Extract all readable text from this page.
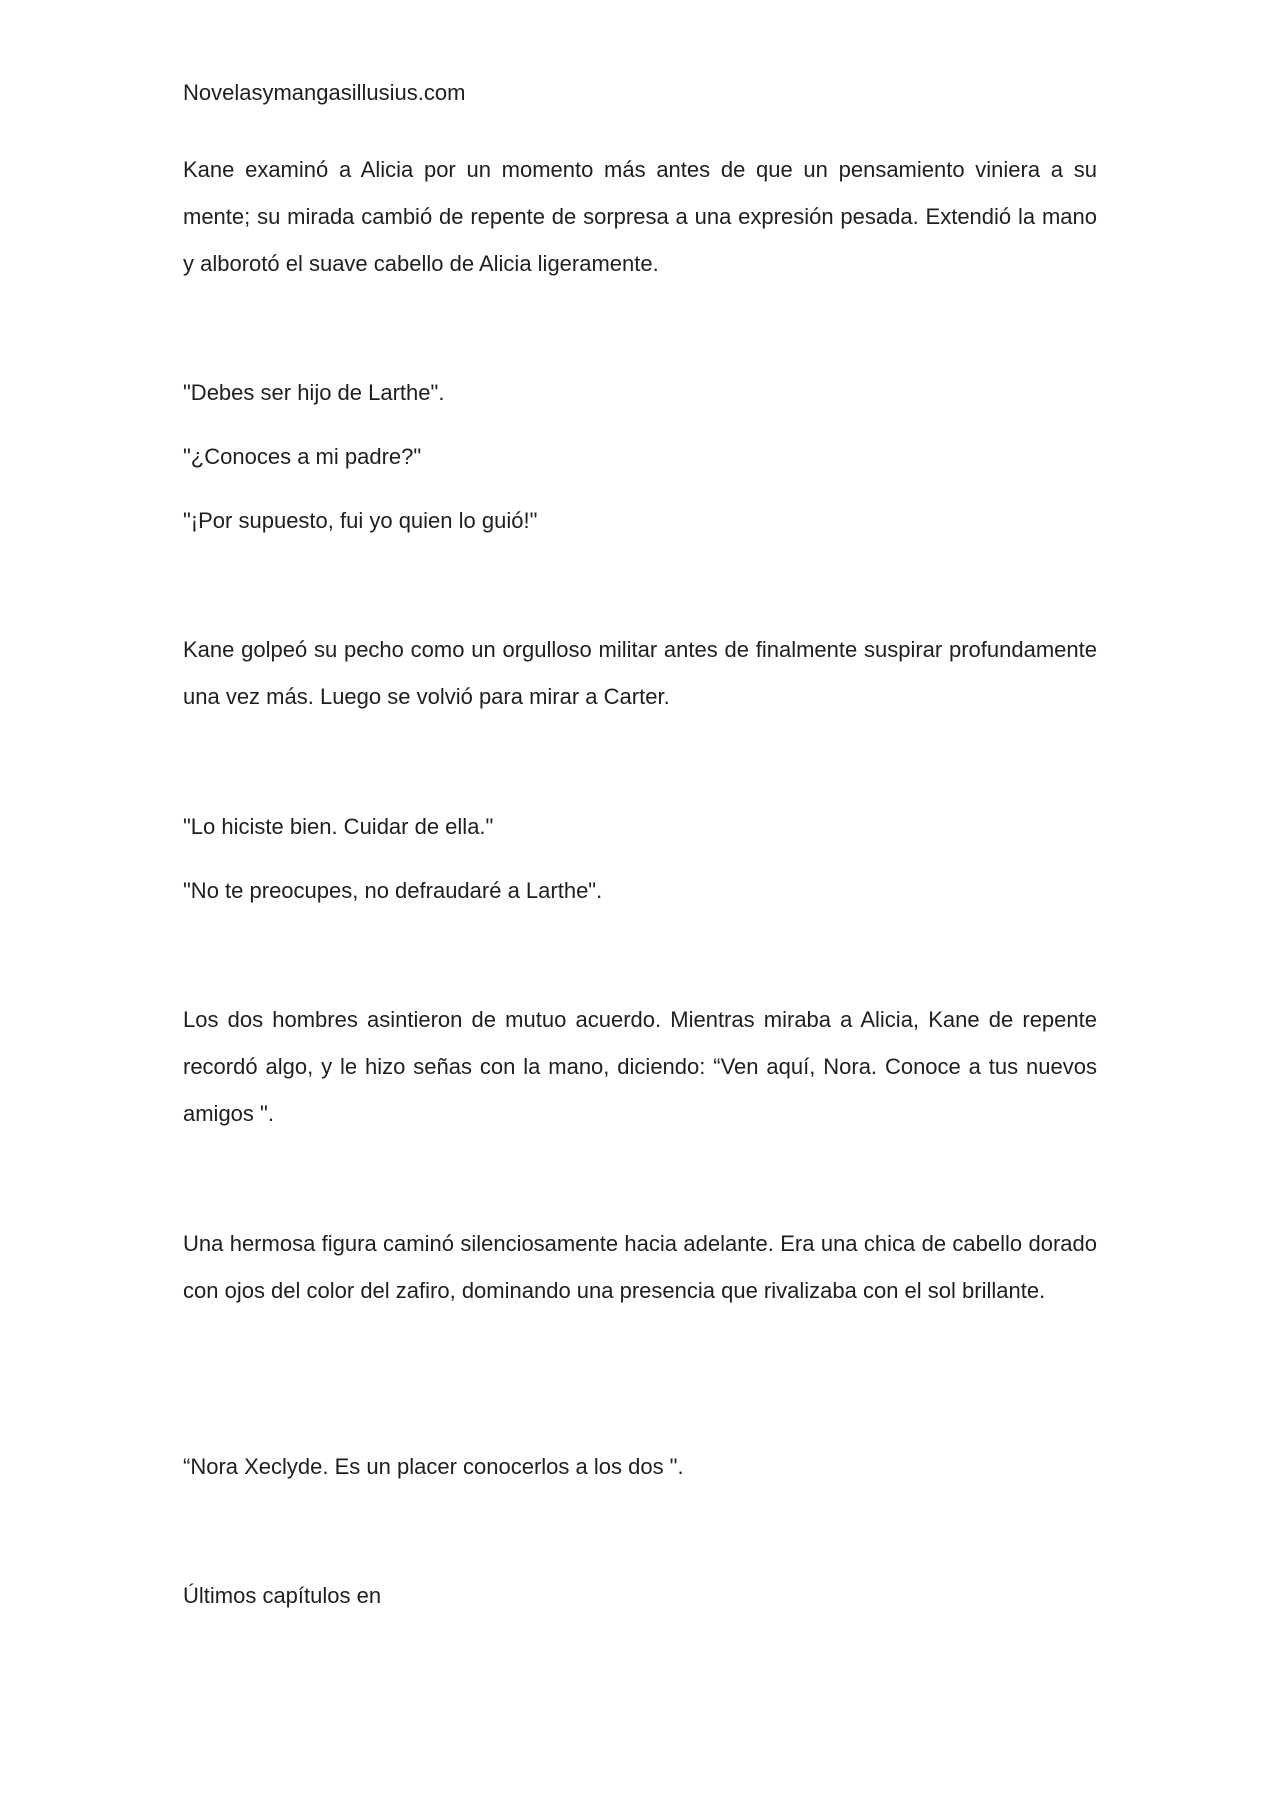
Novelasymangasillusius.com

Kane examinó a Alicia por un momento más antes de que un pensamiento viniera a su mente; su mirada cambió de repente de sorpresa a una expresión pesada. Extendió la mano y alborotó el suave cabello de Alicia ligeramente.

"Debes ser hijo de Larthe".

"¿Conoces a mi padre?"

"¡Por supuesto, fui yo quien lo guió!"

Kane golpeó su pecho como un orgulloso militar antes de finalmente suspirar profundamente una vez más. Luego se volvió para mirar a Carter.

"Lo hiciste bien. Cuidar de ella."

"No te preocupes, no defraudaré a Larthe".

Los dos hombres asintieron de mutuo acuerdo. Mientras miraba a Alicia, Kane de repente recordó algo, y le hizo señas con la mano, diciendo: “Ven aquí, Nora. Conoce a tus nuevos amigos ".

Una hermosa figura caminó silenciosamente hacia adelante. Era una chica de cabello dorado con ojos del color del zafiro, dominando una presencia que rivalizaba con el sol brillante.

“Nora Xeclyde. Es un placer conocerlos a los dos ".

Últimos capítulos en
